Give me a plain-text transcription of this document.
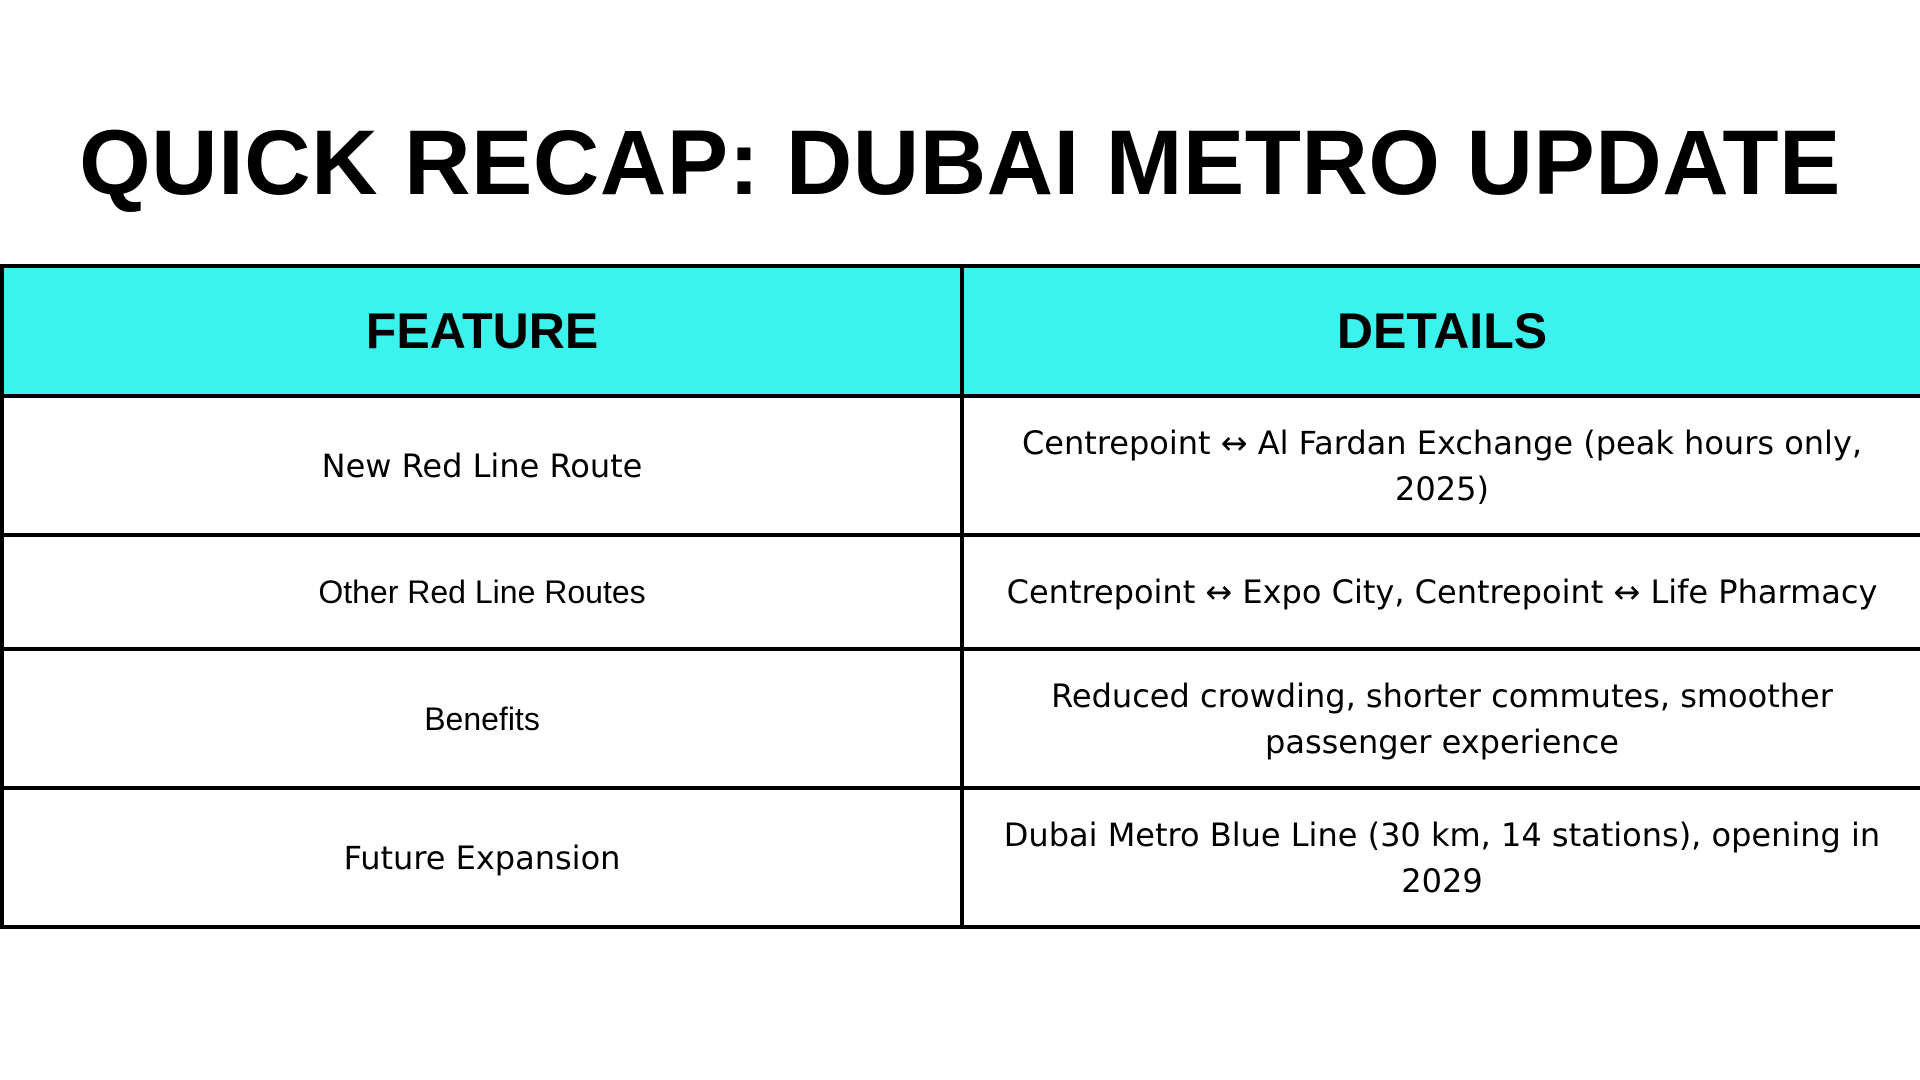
QUICK RECAP: DUBAI METRO UPDATE
FEATURE	DETAILS
New Red Line Route	Centrepoint ↔ Al Fardan Exchange (peak hours only, 2025)
Other Red Line Routes	Centrepoint ↔ Expo City, Centrepoint ↔ Life Pharmacy
Benefits	Reduced crowding, shorter commutes, smoother passenger experience
Future Expansion	Dubai Metro Blue Line (30 km, 14 stations), opening in 2029
